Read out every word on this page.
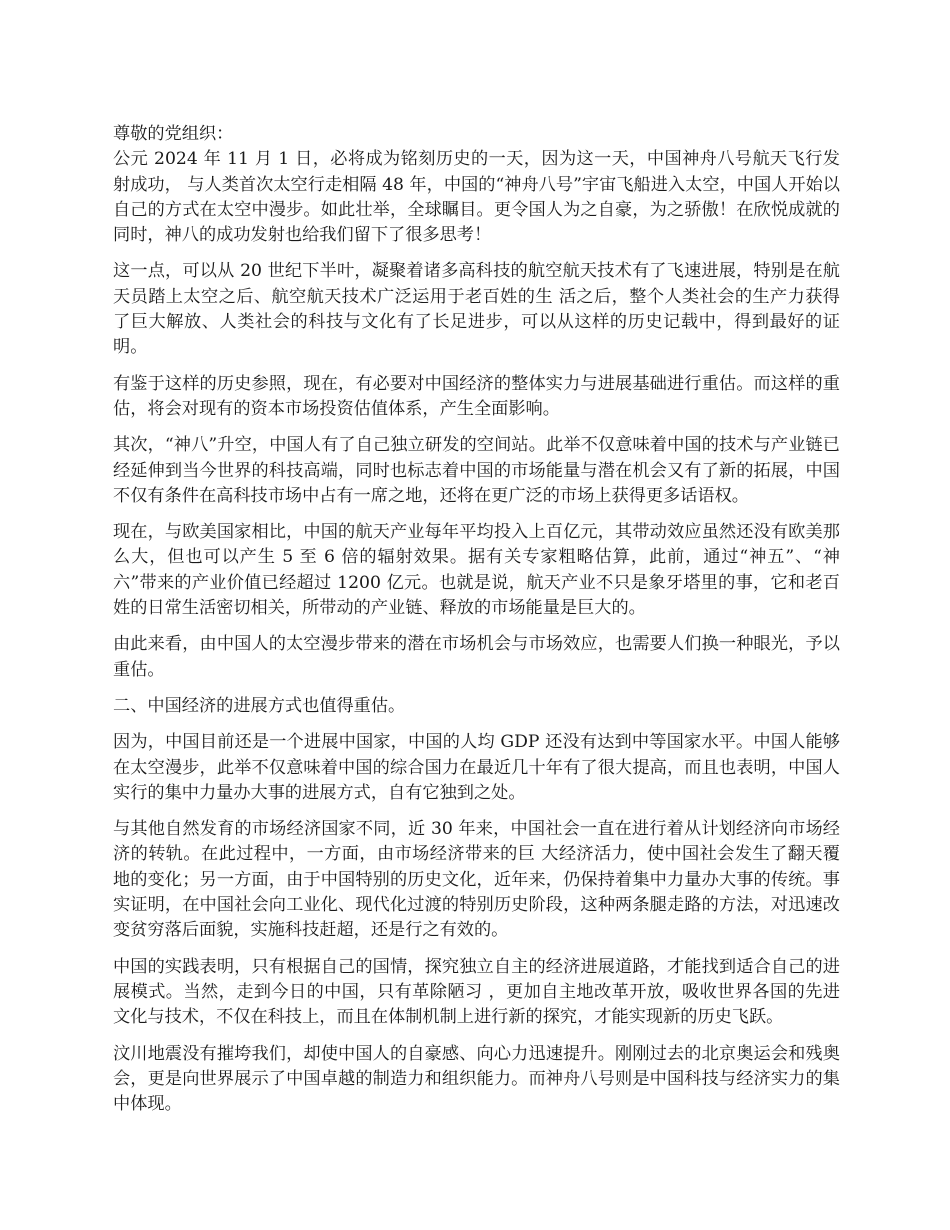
尊敬的党组织：

公元 2024 年 11 月 1 日，必将成为铭刻历史的一天，因为这一天，中国神舟八号航天飞行发射成功， 与人类首次太空行走相隔 48 年，中国的“神舟八号”宇宙飞船进入太空，中国人开始以自己的方式在太空中漫步。如此壮举，全球瞩目。更令国人为之自豪，为之骄傲！在欣悦成就的同时，神八的成功发射也给我们留下了很多思考！

这一点，可以从 20 世纪下半叶，凝聚着诸多高科技的航空航天技术有了飞速进展，特别是在航天员踏上太空之后、航空航天技术广泛运用于老百姓的生 活之后，整个人类社会的生产力获得了巨大解放、人类社会的科技与文化有了长足进步，可以从这样的历史记载中，得到最好的证明。

有鉴于这样的历史参照，现在，有必要对中国经济的整体实力与进展基础进行重估。而这样的重估，将会对现有的资本市场投资估值体系，产生全面影响。

其次，“神八”升空，中国人有了自己独立研发的空间站。此举不仅意味着中国的技术与产业链已经延伸到当今世界的科技高端，同时也标志着中国的市场能量与潜在机会又有了新的拓展，中国不仅有条件在高科技市场中占有一席之地，还将在更广泛的市场上获得更多话语权。

现在，与欧美国家相比，中国的航天产业每年平均投入上百亿元，其带动效应虽然还没有欧美那么大，但也可以产生 5 至 6 倍的辐射效果。据有关专家粗略估算，此前，通过“神五”、“神六”带来的产业价值已经超过 1200 亿元。也就是说，航天产业不只是象牙塔里的事，它和老百姓的日常生活密切相关，所带动的产业链、释放的市场能量是巨大的。

由此来看，由中国人的太空漫步带来的潜在市场机会与市场效应，也需要人们换一种眼光，予以重估。

二、中国经济的进展方式也值得重估。

因为，中国目前还是一个进展中国家，中国的人均 GDP 还没有达到中等国家水平。中国人能够在太空漫步，此举不仅意味着中国的综合国力在最近几十年有了很大提高，而且也表明，中国人实行的集中力量办大事的进展方式，自有它独到之处。

与其他自然发育的市场经济国家不同，近 30 年来，中国社会一直在进行着从计划经济向市场经济的转轨。在此过程中，一方面，由市场经济带来的巨 大经济活力，使中国社会发生了翻天覆地的变化；另一方面，由于中国特别的历史文化，近年来，仍保持着集中力量办大事的传统。事实证明，在中国社会向工业化、现代化过渡的特别历史阶段，这种两条腿走路的方法，对迅速改变贫穷落后面貌，实施科技赶超，还是行之有效的。

中国的实践表明，只有根据自己的国情，探究独立自主的经济进展道路，才能找到适合自己的进展模式。当然，走到今日的中国，只有革除陋习 ，更加自主地改革开放，吸收世界各国的先进文化与技术，不仅在科技上，而且在体制机制上进行新的探究，才能实现新的历史飞跃。

汶川地震没有摧垮我们，却使中国人的自豪感、向心力迅速提升。刚刚过去的北京奥运会和残奥会，更是向世界展示了中国卓越的制造力和组织能力。而神舟八号则是中国科技与经济实力的集中体现。
